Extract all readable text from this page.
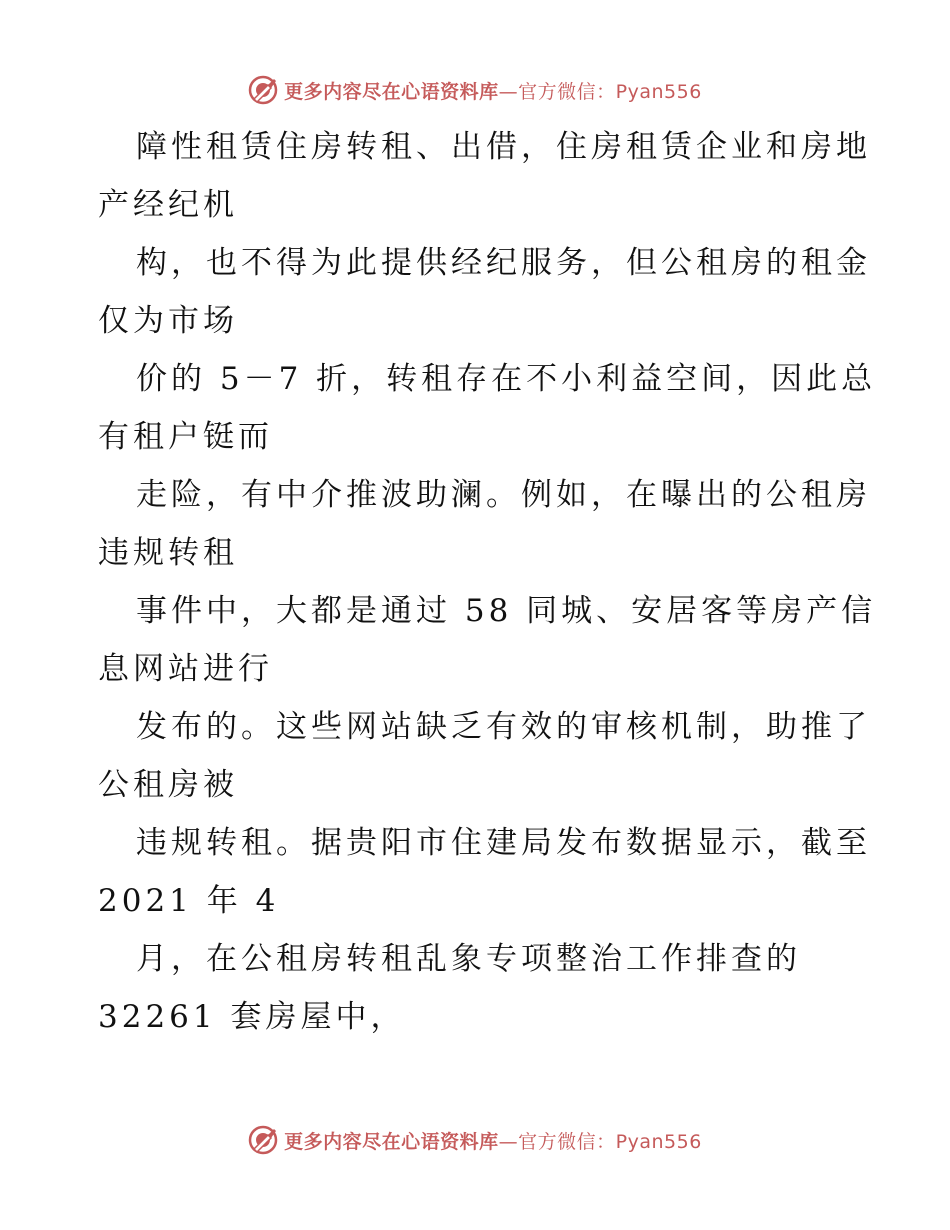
更多内容尽在心语资料库—官方微信：Pyan556
障性租赁住房转租、出借，住房租赁企业和房地
产经纪机
构，也不得为此提供经纪服务，但公租房的租金
仅为市场
价的 5－7 折，转租存在不小利益空间，因此总
有租户铤而
走险，有中介推波助澜。例如，在曝出的公租房
违规转租
事件中，大都是通过 58 同城、安居客等房产信
息网站进行
发布的。这些网站缺乏有效的审核机制，助推了
公租房被
违规转租。据贵阳市住建局发布数据显示，截至
2021 年 4
月，在公租房转租乱象专项整治工作排查的
32261 套房屋中，
更多内容尽在心语资料库—官方微信：Pyan556
